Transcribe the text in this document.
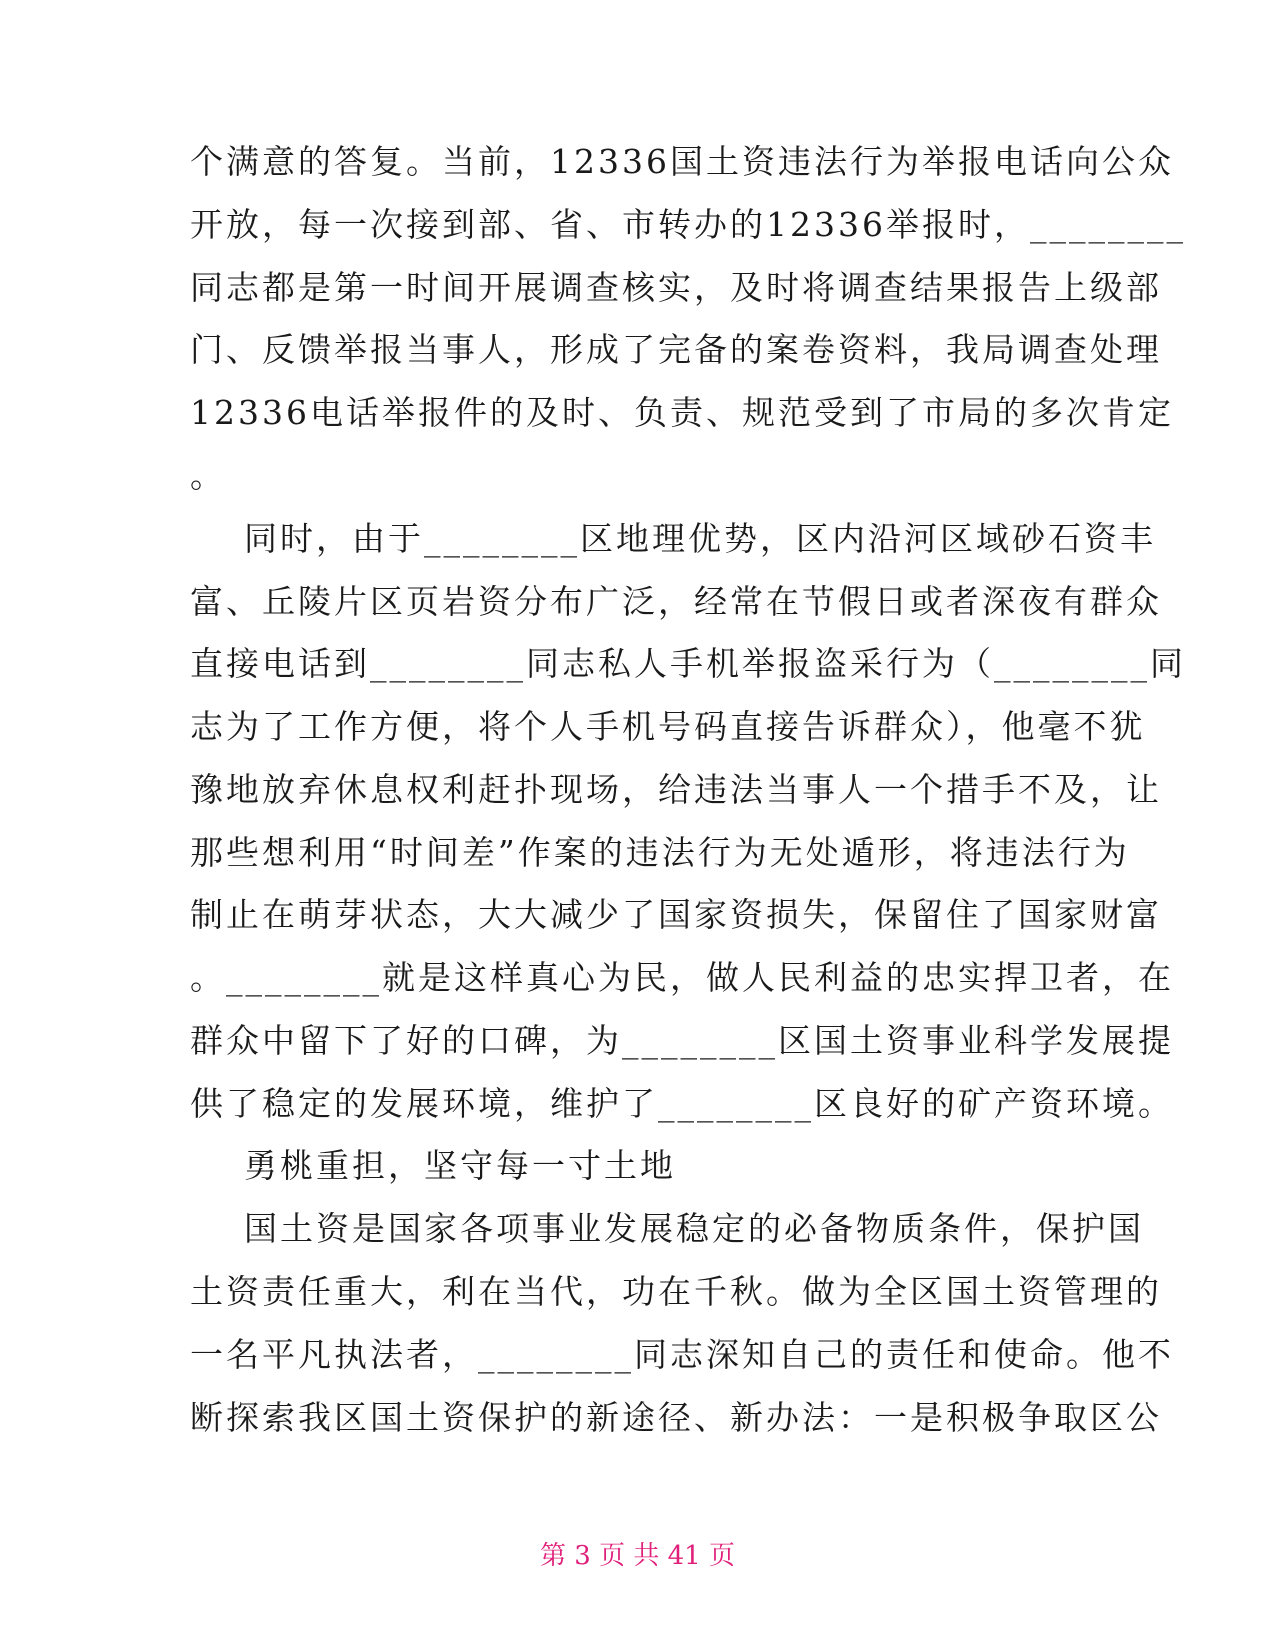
个满意的答复。当前，12336国土资违法行为举报电话向公众
开放，每一次接到部、省、市转办的12336举报时，________
同志都是第一时间开展调查核实，及时将调查结果报告上级部
门、反馈举报当事人，形成了完备的案卷资料，我局调查处理
12336电话举报件的及时、负责、规范受到了市局的多次肯定
。
同时，由于________区地理优势，区内沿河区域砂石资丰
富、丘陵片区页岩资分布广泛，经常在节假日或者深夜有群众
直接电话到________同志私人手机举报盗采行为（________同
志为了工作方便，将个人手机号码直接告诉群众），他毫不犹
豫地放弃休息权利赶扑现场，给违法当事人一个措手不及，让
那些想利用“时间差”作案的违法行为无处遁形，将违法行为
制止在萌芽状态，大大减少了国家资损失，保留住了国家财富
。________就是这样真心为民，做人民利益的忠实捍卫者，在
群众中留下了好的口碑，为________区国土资事业科学发展提
供了稳定的发展环境，维护了________区良好的矿产资环境。
勇桃重担，坚守每一寸土地
国土资是国家各项事业发展稳定的必备物质条件，保护国
土资责任重大，利在当代，功在千秋。做为全区国土资管理的
一名平凡执法者，________同志深知自己的责任和使命。他不
断探索我区国土资保护的新途径、新办法：一是积极争取区公
第 3 页 共 41 页
